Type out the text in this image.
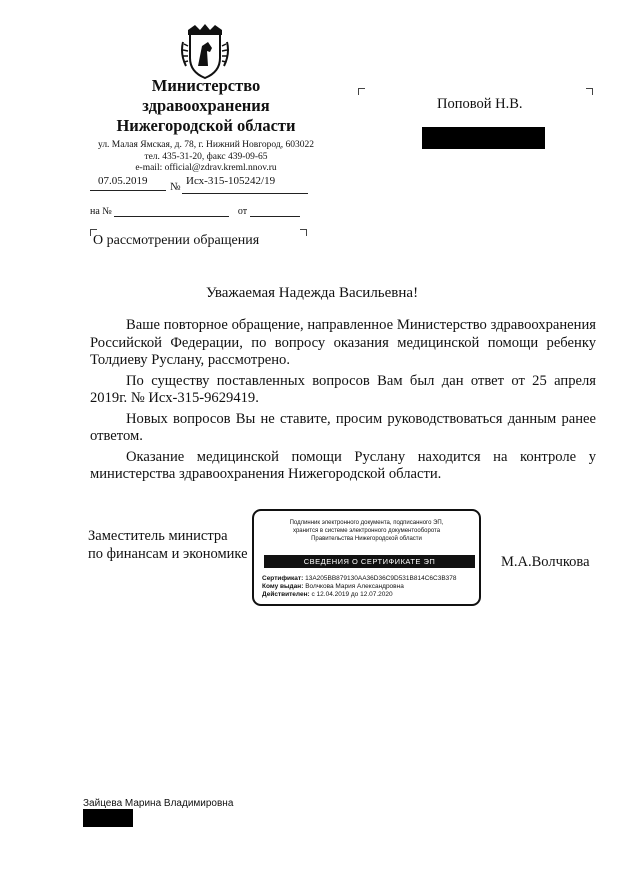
Министерство
здравоохранения
Нижегородской области
ул. Малая Ямская, д. 78, г. Нижний Новгород, 603022
тел. 435-31-20, факс 439-09-65
e-mail: official@zdrav.kreml.nnov.ru
07.05.2019 № Исх-315-105242/19
на №	от
О рассмотрении обращения
Поповой Н.В.
Уважаемая Надежда Васильевна!

Ваше повторное обращение, направленное Министерство здравоохранения Российской Федерации, по вопросу оказания медицинской помощи ребенку Толдиеву Руслану, рассмотрено.

По существу поставленных вопросов Вам был дан ответ от 25 апреля 2019г. № Исх-315-9629419.

Новых вопросов Вы не ставите, просим руководствоваться данным ранее ответом.

Оказание медицинской помощи Руслану находится на контроле у министерства здравоохранения Нижегородской области.

Заместитель министра
по финансам и экономике
Подлинник электронного документа, подписанного ЭП,
хранится в системе электронного документооборота
Правительства Нижегородской области
СВЕДЕНИЯ О СЕРТИФИКАТЕ ЭП
Сертификат: 13A205BB879130AA36D36C9D531B814C6C3B378
Кому выдан: Волчкова Мария Александровна
Действителен: с 12.04.2019 до 12.07.2020
М.А.Волчкова
Зайцева Марина Владимировна
